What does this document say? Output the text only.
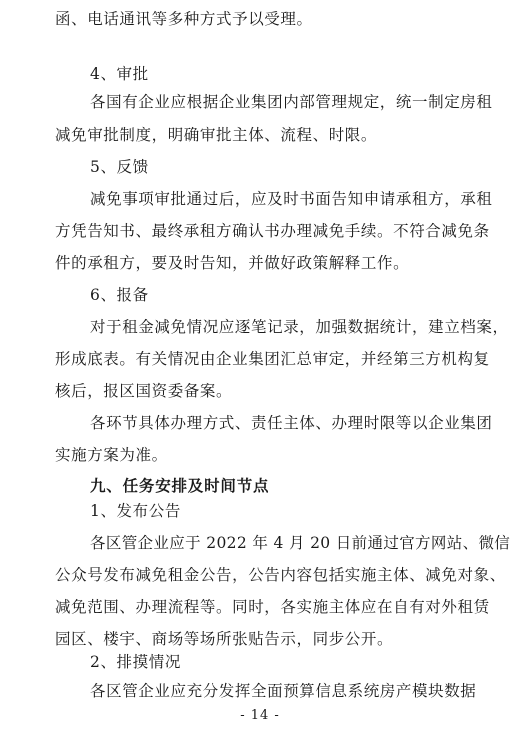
函、电话通讯等多种方式予以受理。
4、审批
各国有企业应根据企业集团内部管理规定，统一制定房租
减免审批制度，明确审批主体、流程、时限。
5、反馈
减免事项审批通过后，应及时书面告知申请承租方，承租
方凭告知书、最终承租方确认书办理减免手续。不符合减免条
件的承租方，要及时告知，并做好政策解释工作。
6、报备
对于租金减免情况应逐笔记录，加强数据统计，建立档案，
形成底表。有关情况由企业集团汇总审定，并经第三方机构复
核后，报区国资委备案。
各环节具体办理方式、责任主体、办理时限等以企业集团
实施方案为准。
九、任务安排及时间节点
1、发布公告
各区管企业应于 2022 年 4 月 20 日前通过官方网站、微信
公众号发布减免租金公告，公告内容包括实施主体、减免对象、
减免范围、办理流程等。同时，各实施主体应在自有对外租赁
园区、楼宇、商场等场所张贴告示，同步公开。
2、排摸情况
各区管企业应充分发挥全面预算信息系统房产模块数据
- 14 -
